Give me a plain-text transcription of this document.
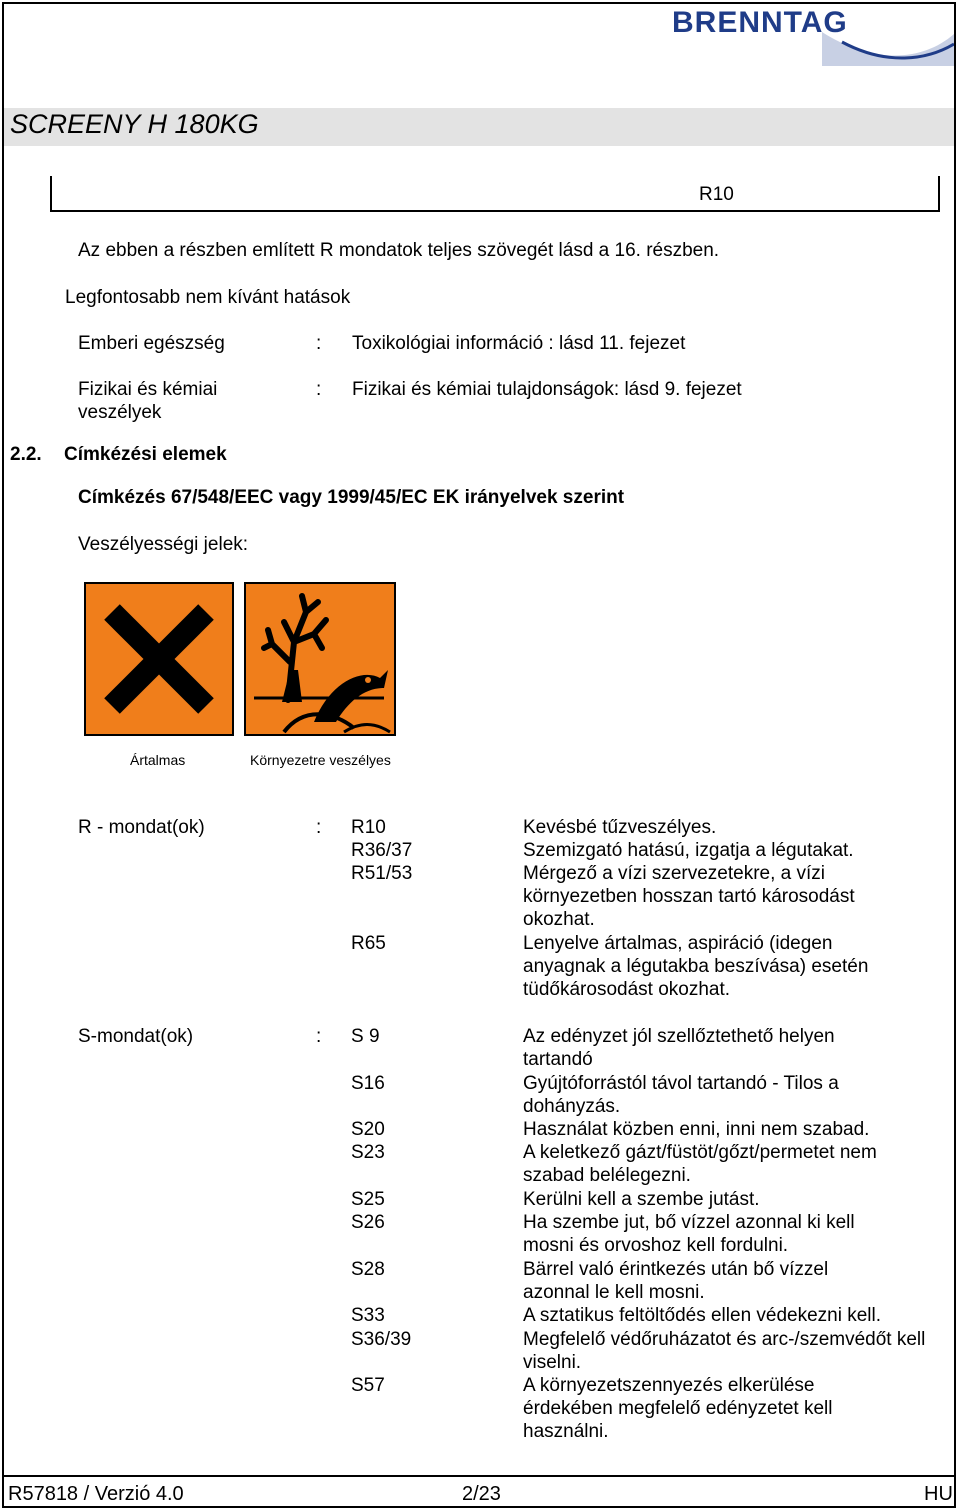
BRENNTAG
SCREENY H 180KG
R10
Az ebben a részben említett R mondatok teljes szövegét lásd a 16. részben.
Legfontosabb nem kívánt hatások
Emberi egészség	: Toxikológiai információ : lásd 11. fejezet
Fizikai és kémiai veszélyek
: Fizikai és kémiai tulajdonságok: lásd 9. fejezet
2.2. Címkézési elemek
Címkézés 67/548/EEC vagy 1999/45/EC EK irányelvek szerint
Veszélyességi jelek:
Ártalmas	Környezetre veszélyes
R - mondat(ok)	: R10	Kevésbé tűzveszélyes.
R36/37	Szemizgató hatású, izgatja a légutakat.
R51/53	Mérgező a vízi szervezetekre, a vízi környezetben hosszan tartó károsodást okozhat.
R65	Lenyelve ártalmas, aspiráció (idegen anyagnak a légutakba beszívása) esetén tüdőkárosodást okozhat.
S-mondat(ok)	: S 9	Az edényzet jól szellőztethető helyen tartandó
S16	Gyújtóforrástól távol tartandó - Tilos a dohányzás.
S20	Használat közben enni, inni nem szabad.
S23	A keletkező gázt/füstöt/gőzt/permetet nem szabad belélegezni.
S25	Kerülni kell a szembe jutást.
S26	Ha szembe jut, bő vízzel azonnal ki kell mosni és orvoshoz kell fordulni.
S28	Bärrel való érintkezés után bő vízzel azonnal le kell mosni.
S33	A sztatikus feltöltődés ellen védekezni kell.
S36/39	Megfelelő védőruházatot és arc-/szemvédőt kell viselni.
S57	A környezetszennyezés elkerülése érdekében megfelelő edényzetet kell használni.
R57818 / Verzió 4.0	2/23	HU
